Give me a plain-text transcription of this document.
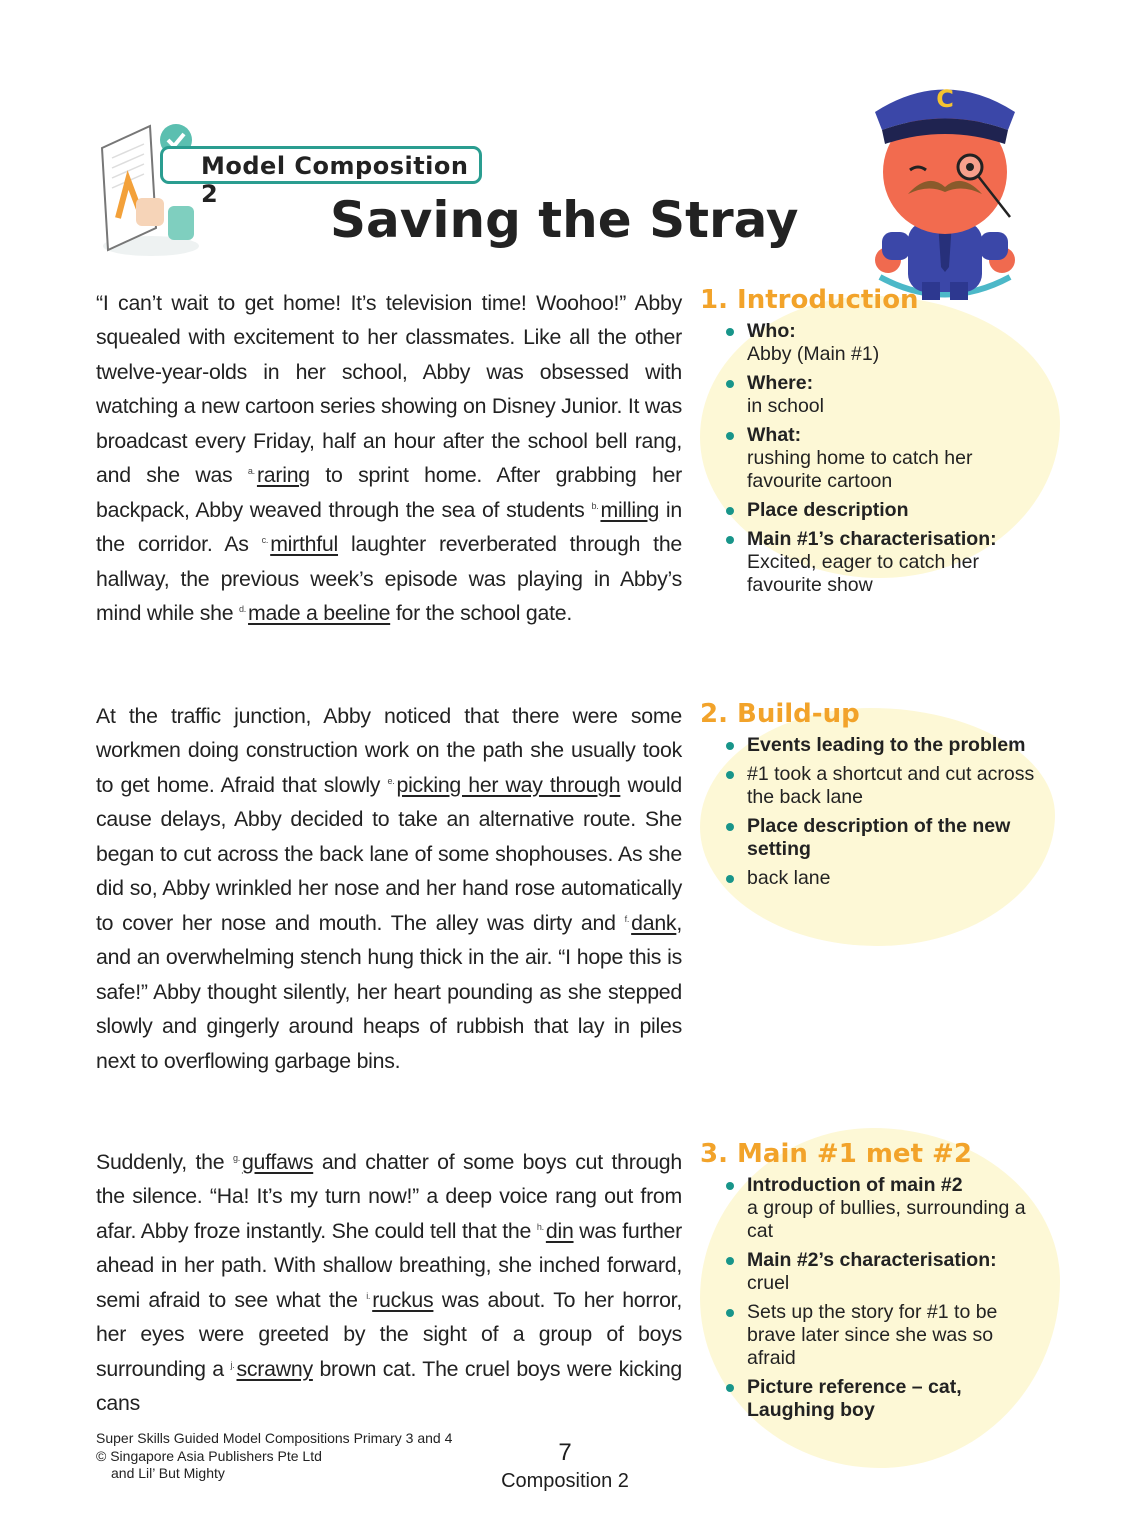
Model Composition 2	Saving the Stray
C

“I can’t wait to get home! It’s television time! Woohoo!” Abby squealed with excitement to her classmates. Like all the other twelve-year-olds in her school, Abby was obsessed with watching a new cartoon series showing on Disney Junior. It was broadcast every Friday, half an hour after the school bell rang, and she was $^{a.}$raring to sprint home. After grabbing her backpack, Abby weaved through the sea of students $^{b.}$milling in the corridor. As $^{c.}$mirthful laughter reverberated through the hallway, the previous week’s episode was playing in Abby’s mind while she $^{d.}$made a beeline for the school gate.

At the traffic junction, Abby noticed that there were some workmen doing construction work on the path she usually took to get home. Afraid that slowly $^{e.}$picking her way through would cause delays, Abby decided to take an alternative route. She began to cut across the back lane of some shophouses. As she did so, Abby wrinkled her nose and her hand rose automatically to cover her nose and mouth. The alley was dirty and $^{f.}$dank, and an overwhelming stench hung thick in the air. “I hope this is safe!” Abby thought silently, her heart pounding as she stepped slowly and gingerly around heaps of rubbish that lay in piles next to overflowing garbage bins.

Suddenly, the $^{g.}$guffaws and chatter of some boys cut through the silence. “Ha! It’s my turn now!” a deep voice rang out from afar. Abby froze instantly. She could tell that the $^{h.}$din was further ahead in her path. With shallow breathing, she inched forward, semi afraid to see what the $^{i.}$ruckus was about. To her horror, her eyes were greeted by the sight of a group of boys surrounding a $^{j.}$scrawny brown cat. The cruel boys were kicking cans

1. Introduction
Who:
Abby (Main #1)
Where:
in school
What:
rushing home to catch her favourite cartoon
Place description
Main #1’s characterisation:
Excited, eager to catch her favourite show
2. Build-up
Events leading to the problem
#1 took a shortcut and cut across the back lane
Place description of the new setting
back lane
3. Main #1 met #2
Introduction of main #2
a group of bullies, surrounding a cat
Main #2’s characterisation:
cruel
Sets up the story for #1 to be brave later since she was so afraid
Picture reference – cat, Laughing boy
Super Skills Guided Model Compositions Primary 3 and 4
© Singapore Asia Publishers Pte Ltd
and Lil’ But Mighty
7
Composition 2
